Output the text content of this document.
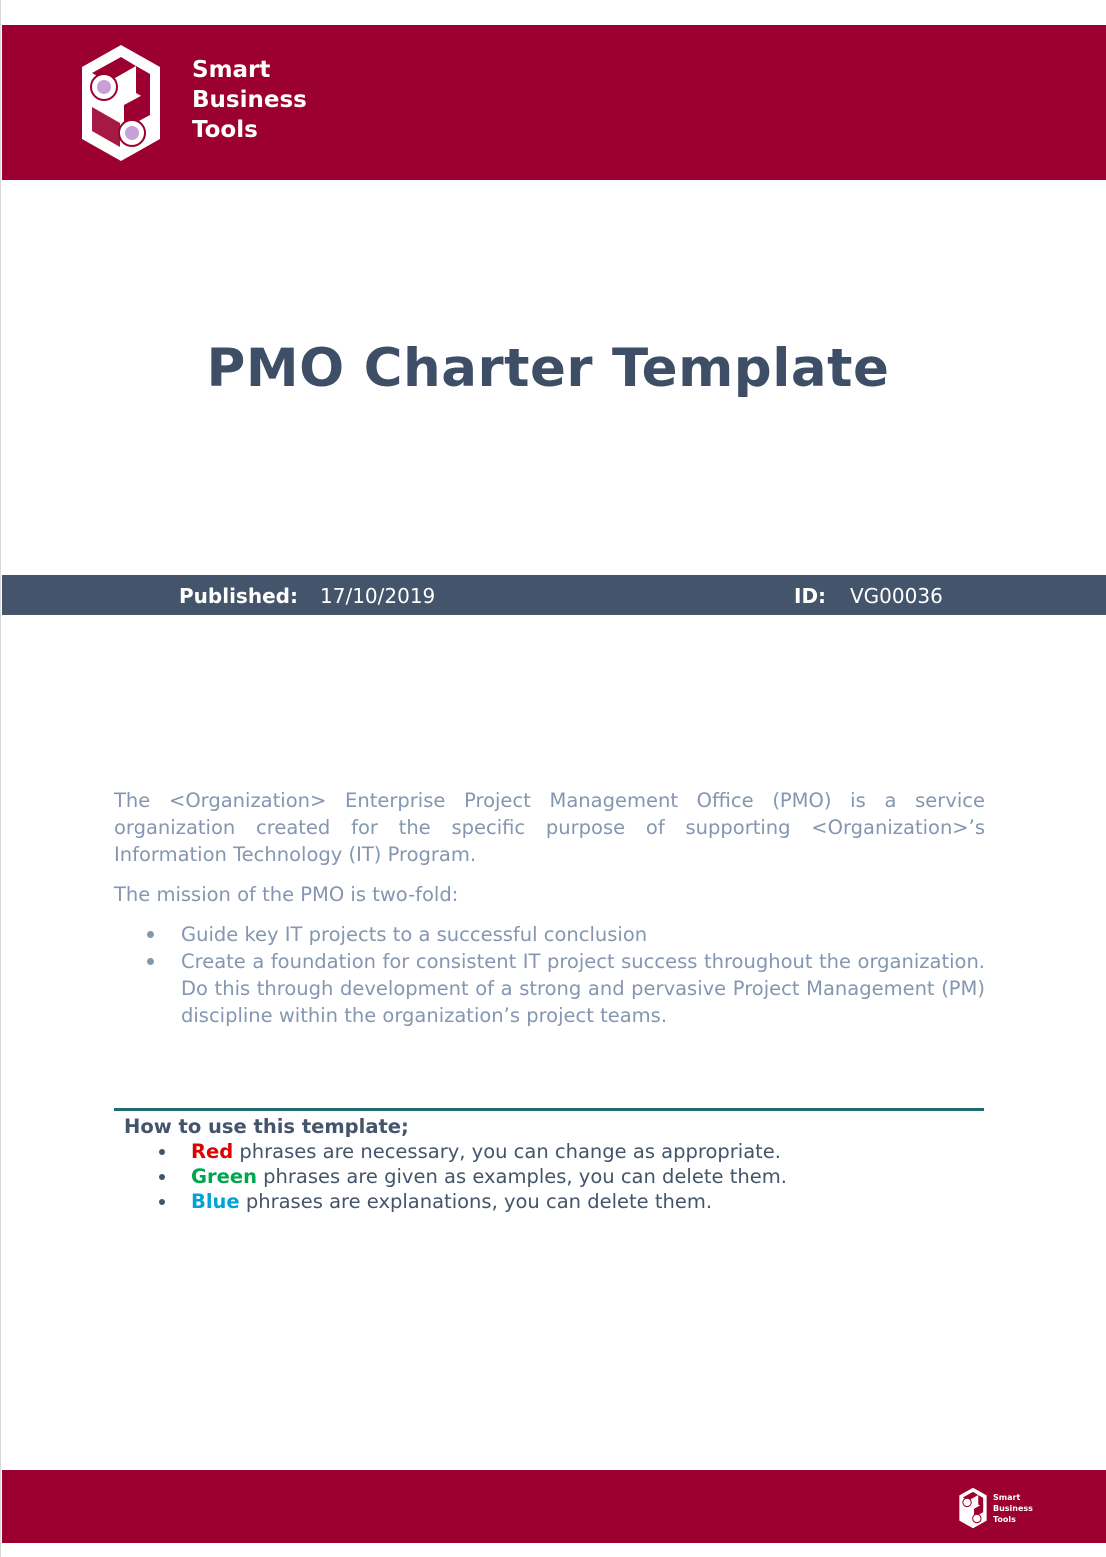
Smart
Business
Tools
PMO Charter Template
Published: 17/10/2019	ID: VG00036

The <Organization> Enterprise Project Management Office (PMO) is a service organization created for the specific purpose of supporting <Organization>’s Information Technology (IT) Program.

The mission of the PMO is two-fold:

Guide key IT projects to a successful conclusion
Create a foundation for consistent IT project success throughout the organization. Do this through development of a strong and pervasive Project Management (PM) discipline within the organization’s project teams.
How to use this template;
Red phrases are necessary, you can change as appropriate.
Green phrases are given as examples, you can delete them.
Blue phrases are explanations, you can delete them.
Smart
Business
Tools
